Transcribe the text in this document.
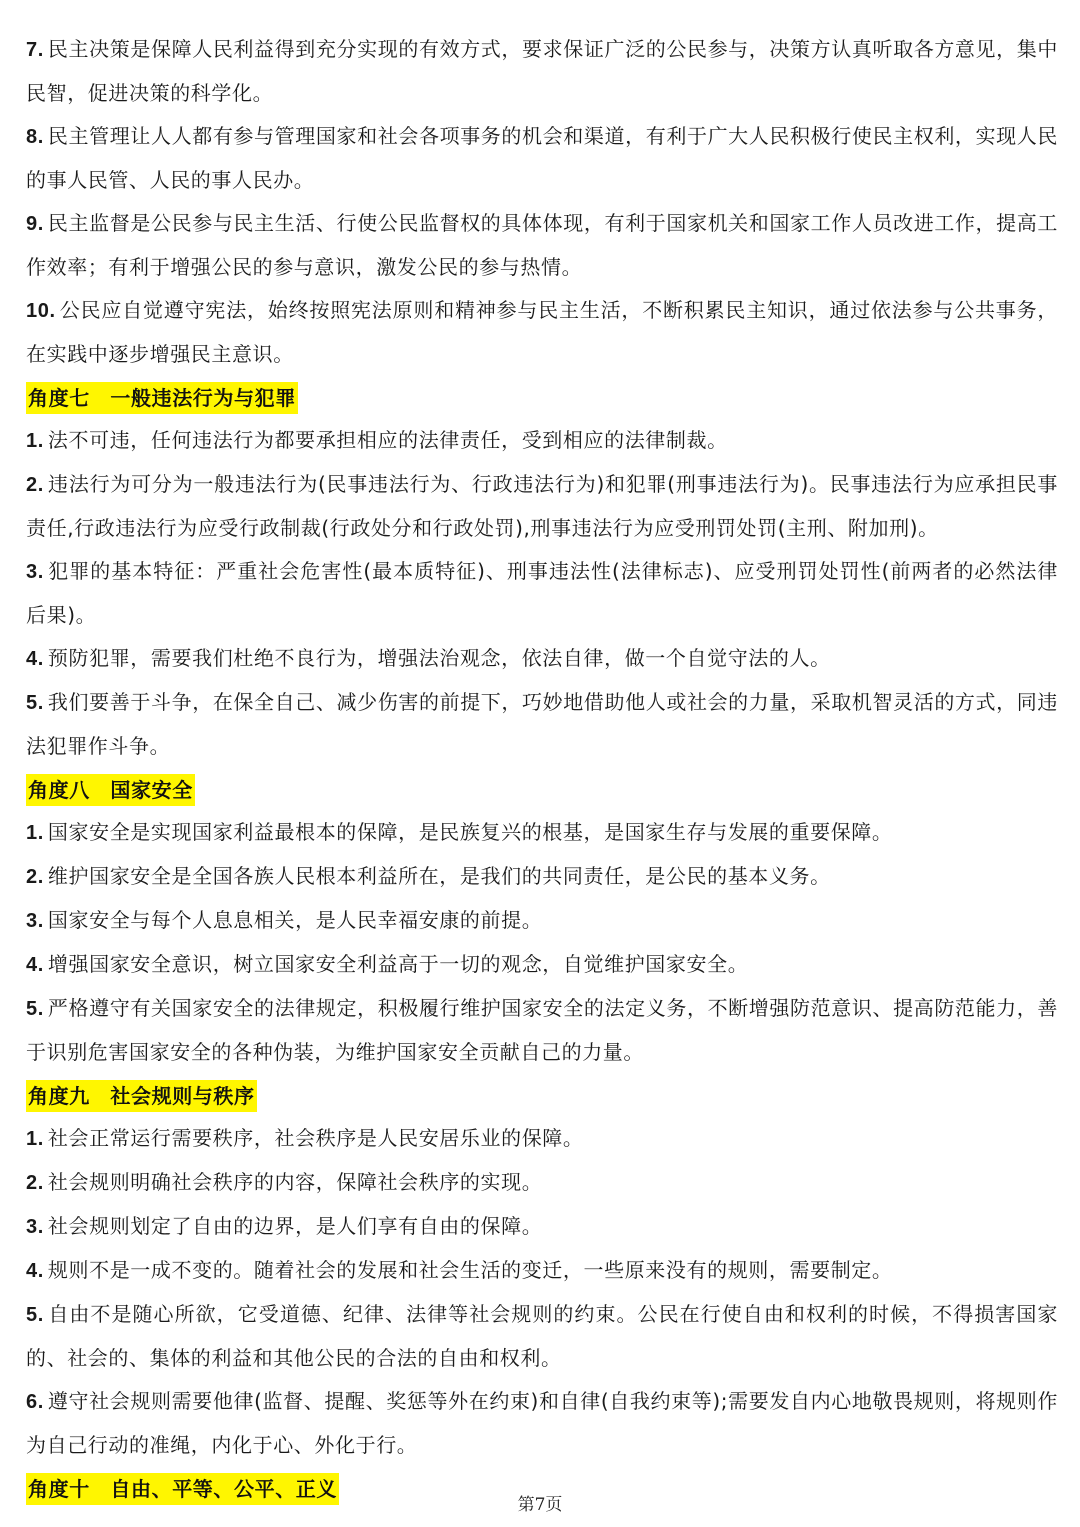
7. 民主决策是保障人民利益得到充分实现的有效方式，要求保证广泛的公民参与，决策方认真听取各方意见，集中民智，促进决策的科学化。

8. 民主管理让人人都有参与管理国家和社会各项事务的机会和渠道，有利于广大人民积极行使民主权利，实现人民的事人民管、人民的事人民办。

9. 民主监督是公民参与民主生活、行使公民监督权的具体体现，有利于国家机关和国家工作人员改进工作，提高工作效率；有利于增强公民的参与意识，激发公民的参与热情。

10. 公民应自觉遵守宪法，始终按照宪法原则和精神参与民主生活，不断积累民主知识，通过依法参与公共事务，在实践中逐步增强民主意识。

角度七　一般违法行为与犯罪

1. 法不可违，任何违法行为都要承担相应的法律责任，受到相应的法律制裁。

2. 违法行为可分为一般违法行为(民事违法行为、行政违法行为)和犯罪(刑事违法行为)。民事违法行为应承担民事责任,行政违法行为应受行政制裁(行政处分和行政处罚),刑事违法行为应受刑罚处罚(主刑、附加刑)。

3. 犯罪的基本特征：严重社会危害性(最本质特征)、刑事违法性(法律标志)、应受刑罚处罚性(前两者的必然法律后果)。

4. 预防犯罪，需要我们杜绝不良行为，增强法治观念，依法自律，做一个自觉守法的人。

5. 我们要善于斗争，在保全自己、减少伤害的前提下，巧妙地借助他人或社会的力量，采取机智灵活的方式，同违法犯罪作斗争。

角度八　国家安全

1. 国家安全是实现国家利益最根本的保障，是民族复兴的根基，是国家生存与发展的重要保障。

2. 维护国家安全是全国各族人民根本利益所在，是我们的共同责任，是公民的基本义务。

3. 国家安全与每个人息息相关，是人民幸福安康的前提。

4. 增强国家安全意识，树立国家安全利益高于一切的观念，自觉维护国家安全。

5. 严格遵守有关国家安全的法律规定，积极履行维护国家安全的法定义务，不断增强防范意识、提高防范能力，善于识别危害国家安全的各种伪装，为维护国家安全贡献自己的力量。

角度九　社会规则与秩序

1. 社会正常运行需要秩序，社会秩序是人民安居乐业的保障。

2. 社会规则明确社会秩序的内容，保障社会秩序的实现。

3. 社会规则划定了自由的边界，是人们享有自由的保障。

4. 规则不是一成不变的。随着社会的发展和社会生活的变迁，一些原来没有的规则，需要制定。

5. 自由不是随心所欲，它受道德、纪律、法律等社会规则的约束。公民在行使自由和权利的时候，不得损害国家的、社会的、集体的利益和其他公民的合法的自由和权利。

6. 遵守社会规则需要他律(监督、提醒、奖惩等外在约束)和自律(自我约束等);需要发自内心地敬畏规则，将规则作为自己行动的准绳，内化于心、外化于行。

角度十　自由、平等、公平、正义
第7页
